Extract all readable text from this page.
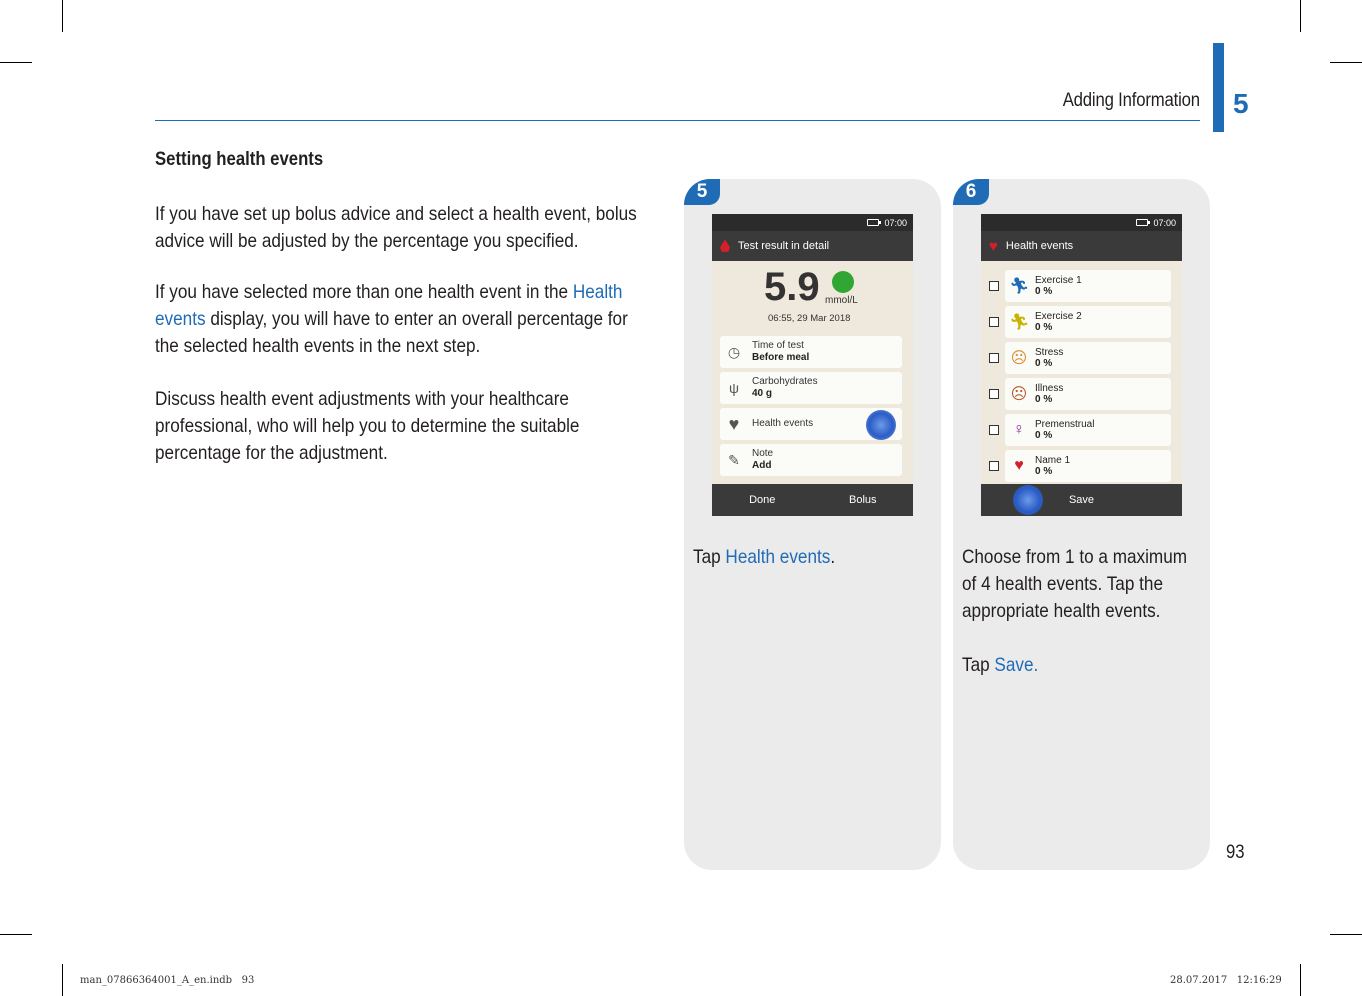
Adding Information 5
Setting health events

If you have set up bolus advice and select a health event, bolus advice will be adjusted by the percentage you specified.

If you have selected more than one health event in the Health events display, you will have to enter an overall percentage for the selected health events in the next step.

Discuss health event adjustments with your healthcare professional, who will help you to determine the suitable percentage for the adjustment.

5
07:00
Test result in detail
5.9 mmol/L
06:55, 29 Mar 2018
◷	Time of test
Before meal
ψ	Carbohydrates
40 g
♥	Health events
✎	Note
Add
Done	Bolus

Tap Health events.

6
07:00
♥ Health events
🏃︎ Exercise 1
0 %
🏃︎ Exercise 2
0 %
☹ Stress
0 %
☹ Illness
0 %
♀	Premenstrual
0 %
♥	Name 1
0 %
Save

Choose from 1 to a maximum of 4 health events. Tap the appropriate health events.

Tap Save.

93
man_07866364001_A_en.indb   93	28.07.2017   12:16:29
